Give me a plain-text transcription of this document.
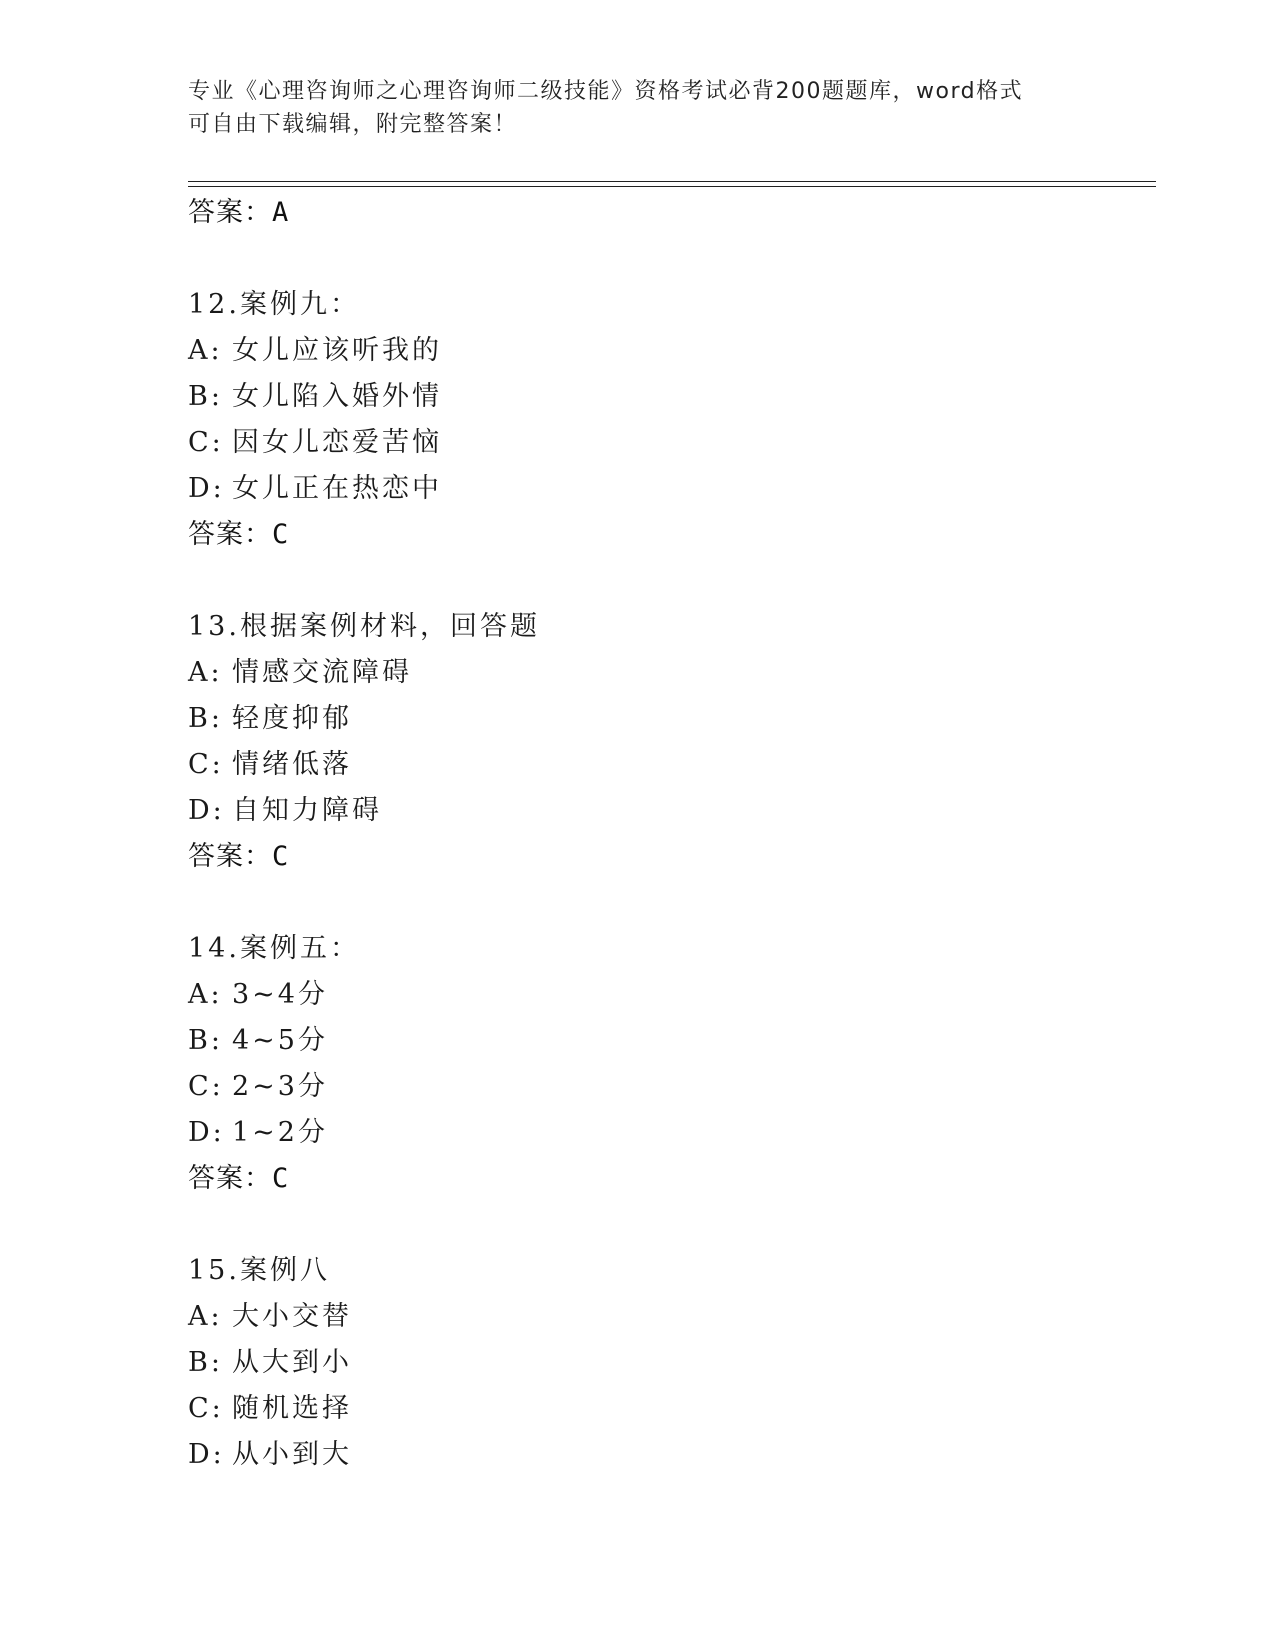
专业《心理咨询师之心理咨询师二级技能》资格考试必背200题题库，word格式
可自由下载编辑，附完整答案！
答案：A
12.案例九：
A: 女儿应该听我的
B: 女儿陷入婚外情
C: 因女儿恋爱苦恼
D: 女儿正在热恋中
答案：C
13.根据案例材料，回答题
A: 情感交流障碍
B: 轻度抑郁
C: 情绪低落
D: 自知力障碍
答案：C
14.案例五：
A: 3~4分
B: 4~5分
C: 2~3分
D: 1~2分
答案：C
15.案例八
A: 大小交替
B: 从大到小
C: 随机选择
D: 从小到大
